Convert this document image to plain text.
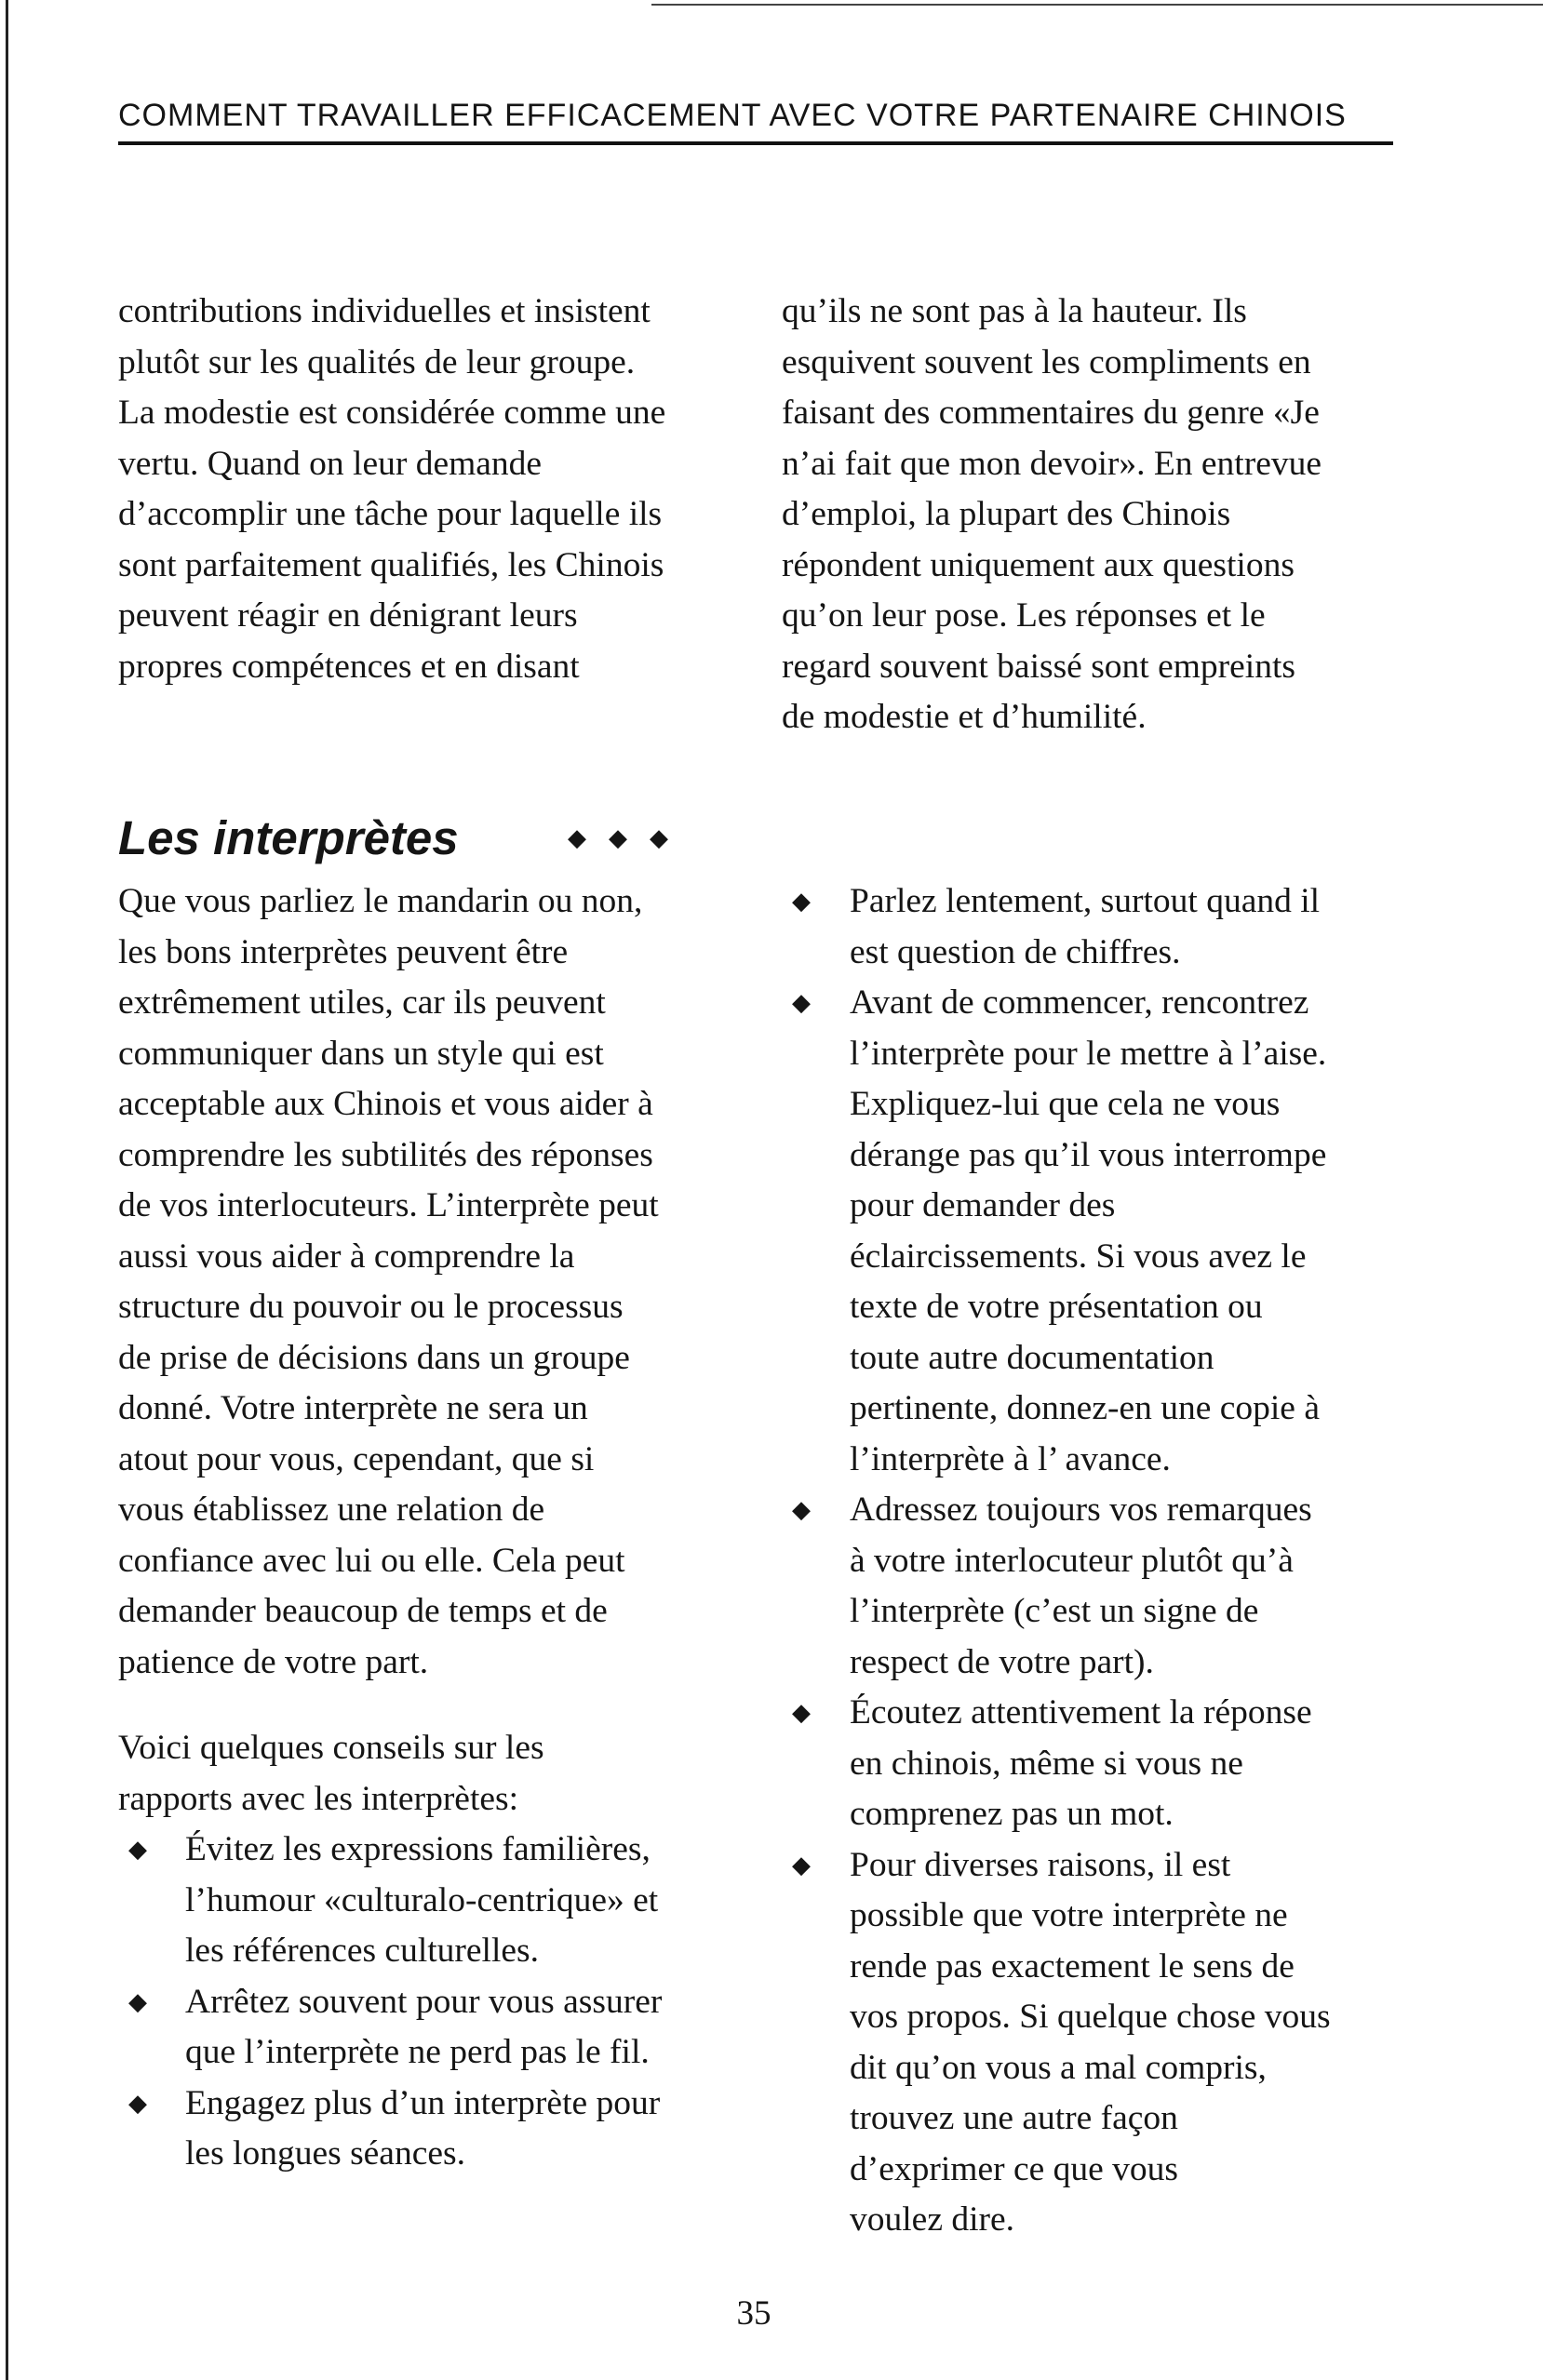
COMMENT TRAVAILLER EFFICACEMENT AVEC VOTRE PARTENAIRE CHINOIS

contributions individuelles et insistent

plutôt sur les qualités de leur groupe.

La modestie est considérée comme une

vertu. Quand on leur demande

d’accomplir une tâche pour laquelle ils

sont parfaitement qualifiés, les Chinois

peuvent réagir en dénigrant leurs

propres compétences et en disant

qu’ils ne sont pas à la hauteur. Ils

esquivent souvent les compliments en

faisant des commentaires du genre «Je

n’ai fait que mon devoir». En entrevue

d’emploi, la plupart des Chinois

répondent uniquement aux questions

qu’on leur pose. Les réponses et le

regard souvent baissé sont empreints

de modestie et d’humilité.

Les interprètes	◆ ◆ ◆

Que vous parliez le mandarin ou non,

les bons interprètes peuvent être

extrêmement utiles, car ils peuvent

communiquer dans un style qui est

acceptable aux Chinois et vous aider à

comprendre les subtilités des réponses

de vos interlocuteurs. L’interprète peut

aussi vous aider à comprendre la

structure du pouvoir ou le processus

de prise de décisions dans un groupe

donné. Votre interprète ne sera un

atout pour vous, cependant, que si

vous établissez une relation de

confiance avec lui ou elle. Cela peut

demander beaucoup de temps et de

patience de votre part.

Voici quelques conseils sur les

rapports avec les interprètes:

◆ Évitez les expressions familières,

l’humour «culturalo-centrique» et

les références culturelles.

◆ Arrêtez souvent pour vous assurer

que l’interprète ne perd pas le fil.

◆ Engagez plus d’un interprète pour

les longues séances.

◆ Parlez lentement, surtout quand il

est question de chiffres.

◆ Avant de commencer, rencontrez

l’interprète pour le mettre à l’aise.

Expliquez-lui que cela ne vous

dérange pas qu’il vous interrompe

pour demander des

éclaircissements. Si vous avez le

texte de votre présentation ou

toute autre documentation

pertinente, donnez-en une copie à

l’interprète à l’ avance.

◆ Adressez toujours vos remarques

à votre interlocuteur plutôt qu’à

l’interprète (c’est un signe de

respect de votre part).

◆ Écoutez attentivement la réponse

en chinois, même si vous ne

comprenez pas un mot.

◆ Pour diverses raisons, il est

possible que votre interprète ne

rende pas exactement le sens de

vos propos. Si quelque chose vous

dit qu’on vous a mal compris,

trouvez une autre façon

d’exprimer ce que vous

voulez dire.

35
